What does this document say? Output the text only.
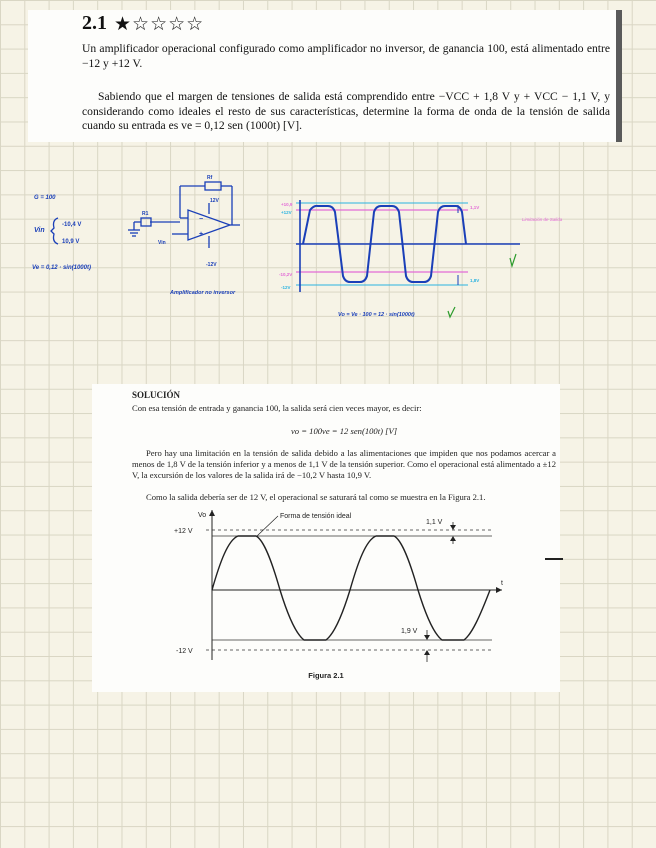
2.1 ★☆☆☆☆

Un amplificador operacional configurado como amplificador no inversor, de ganancia 100, está alimentado entre −12 y +12 V.

Sabiendo que el margen de tensiones de salida está comprendido entre −VCC + 1,8 V y + VCC − 1,1 V, y considerando como ideales el resto de sus características, determine la forma de onda de la tensión de salida cuando su entrada es ve = 0,12 sen (1000t) [V].

G = 100
Vin
-10,4 V
10,9 V
Ve = 0,12 · sin(1000t)
−
+
Rf
R1
12V
-12V
Vin
Amplificador no inversor
+10,9
+12V
-10,2V
-12V
1,1V
1,8V
Limitación de Salida
Vo = Ve · 100 = 12 · sin(1000t)

SOLUCIÓN

Con esa tensión de entrada y ganancia 100, la salida será cien veces mayor, es decir:

vo = 100ve = 12 sen(100t) [V]

Pero hay una limitación en la tensión de salida debido a las alimentaciones que impiden que nos podamos acercar a menos de 1,8 V de la tensión inferior y a menos de 1,1 V de la tensión superior. Como el operacional está alimentado a ±12 V, la excursión de los valores de la salida irá de −10,2 V hasta 10,9 V.

Como la salida debería ser de 12 V, el operacional se saturará tal como se muestra en la Figura 2.1.

Vo
t
+12 V
-12 V
Forma de tensión ideal
1,1 V
1,9 V
Figura 2.1
